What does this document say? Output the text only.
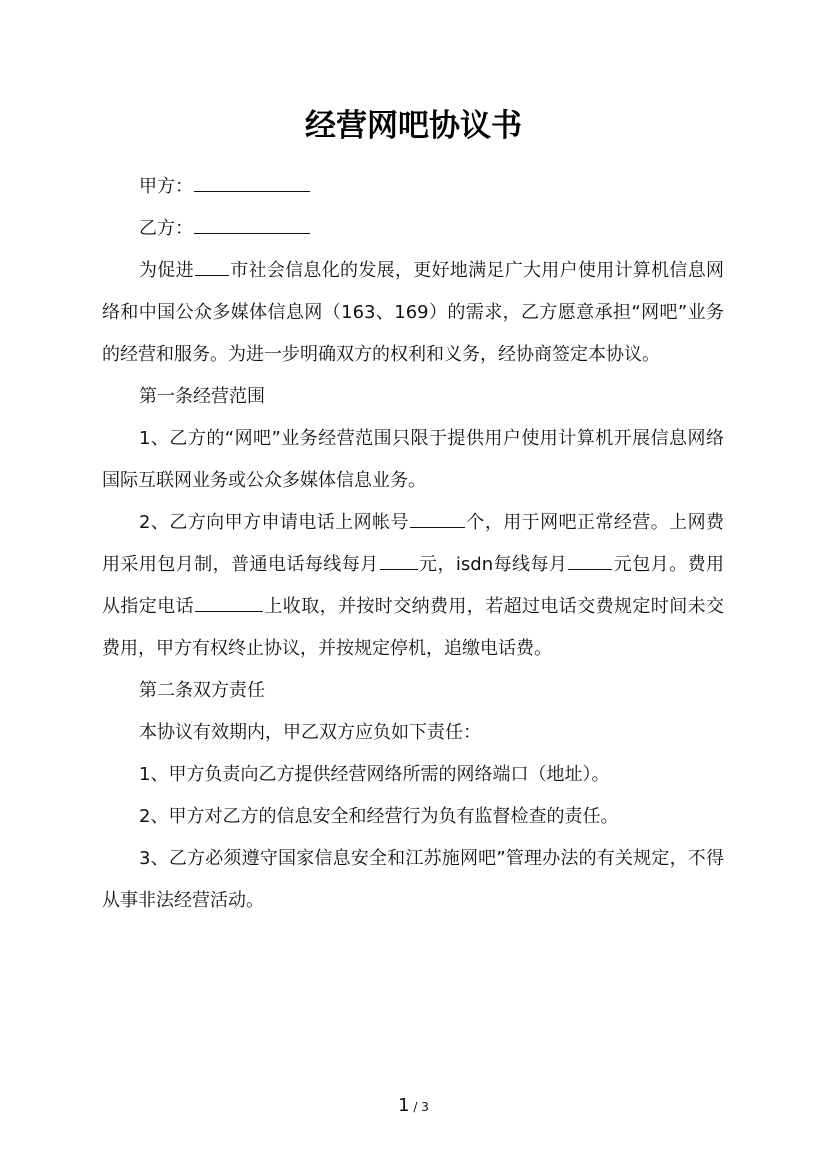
经营网吧协议书

甲方：

乙方：

为促进 市社会信息化的发展，更好地满足广大用户使用计算机信息网络和中国公众多媒体信息网（163、169）的需求，乙方愿意承担“网吧”业务的经营和服务。为进一步明确双方的权利和义务，经协商签定本协议。

第一条经营范围

1、乙方的“网吧”业务经营范围只限于提供用户使用计算机开展信息网络国际互联网业务或公众多媒体信息业务。

2、乙方向甲方申请电话上网帐号	个，用于网吧正常经营。上网费用采用包月制，普通电话每线每月 元，isdn每线每月	元包月。费用从指定电话	上收取，并按时交纳费用，若超过电话交费规定时间未交费用，甲方有权终止协议，并按规定停机，追缴电话费。

第二条双方责任

本协议有效期内，甲乙双方应负如下责任：

1、甲方负责向乙方提供经营网络所需的网络端口（地址）。

2、甲方对乙方的信息安全和经营行为负有监督检查的责任。

3、乙方必须遵守国家信息安全和江苏施网吧”管理办法的有关规定，不得从事非法经营活动。

1 / 3
